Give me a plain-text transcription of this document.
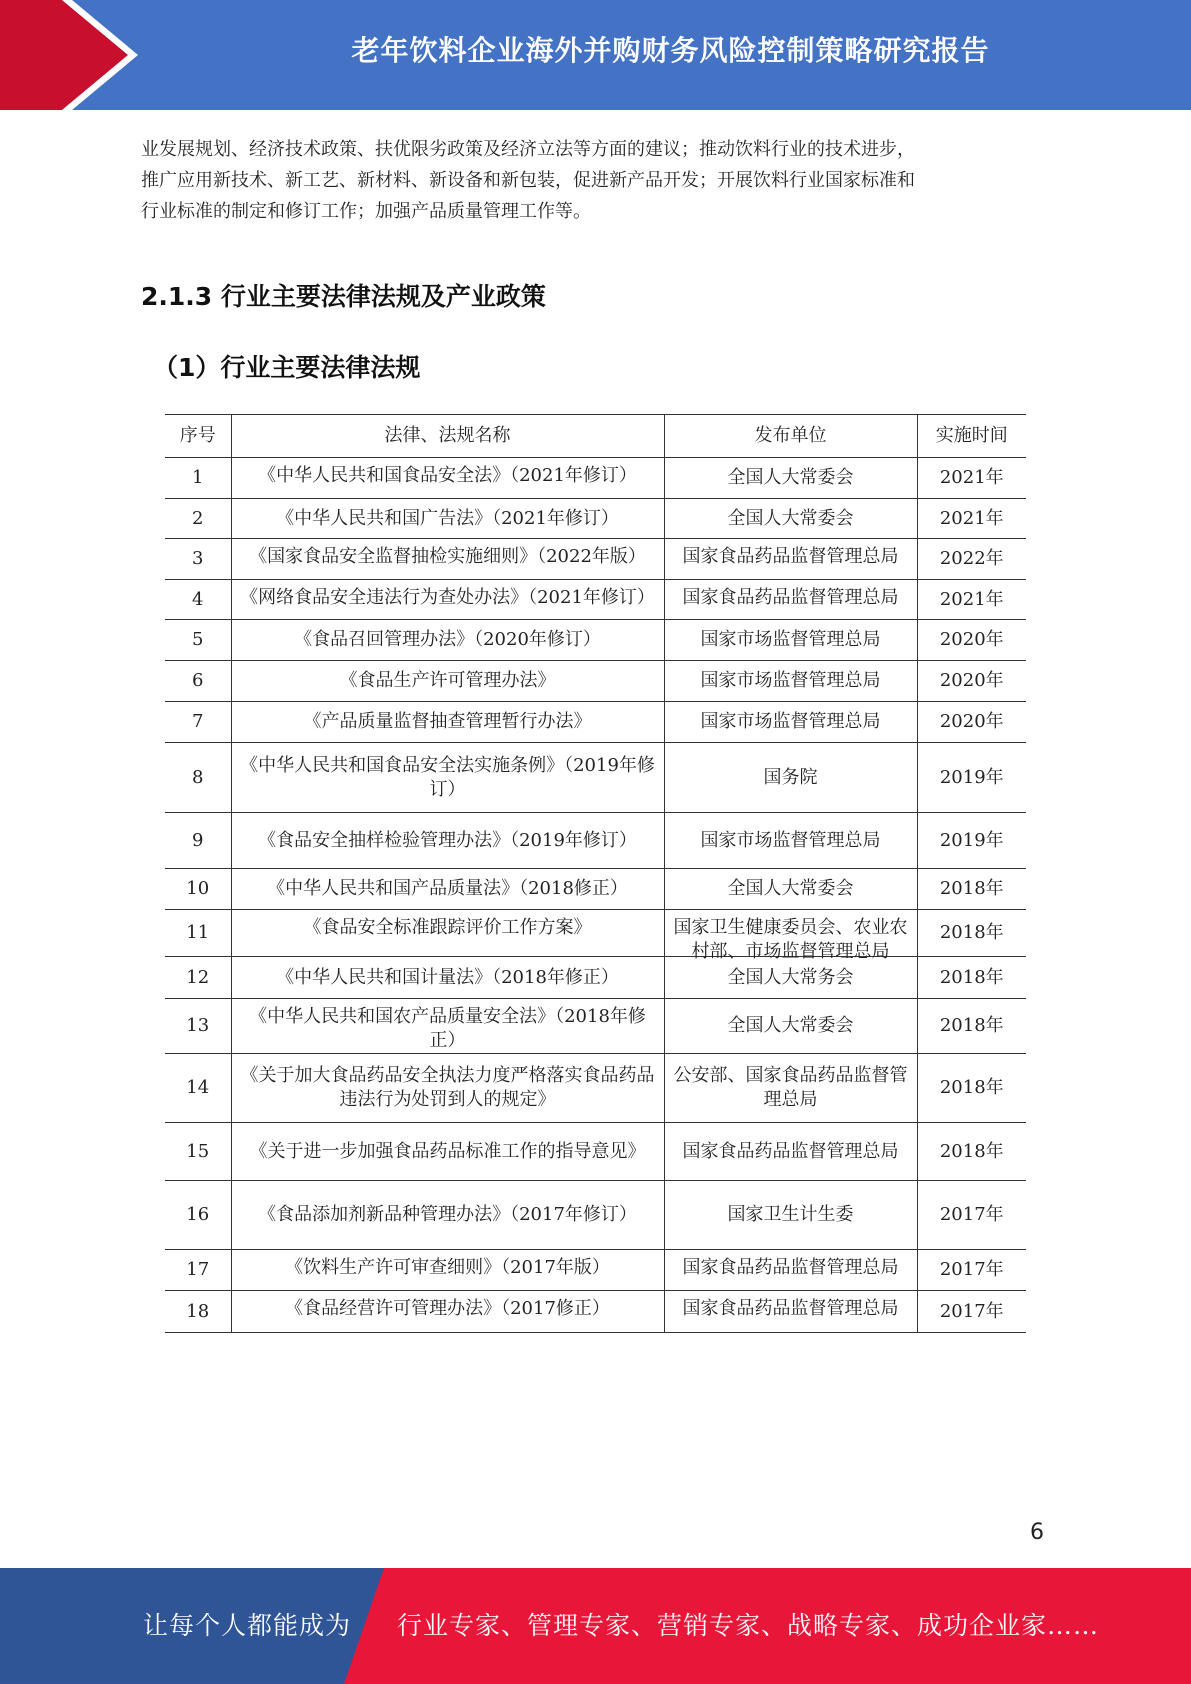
老年饮料企业海外并购财务风险控制策略研究报告

业发展规划、经济技术政策、扶优限劣政策及经济立法等方面的建议；推动饮料行业的技术进步，
推广应用新技术、新工艺、新材料、新设备和新包装，促进新产品开发；开展饮料行业国家标准和
行业标准的制定和修订工作；加强产品质量管理工作等。

2.1.3 行业主要法律法规及产业政策
（1）行业主要法律法规
序号	法律、法规名称	发布单位	实施时间

1	《中华人民共和国食品安全法》（2021年修订）	全国人大常委会	2021年

2	《中华人民共和国广告法》（2021年修订）	全国人大常委会	2021年

3	《国家食品安全监督抽检实施细则》（2022年版）	国家食品药品监督管理总局	2022年

4	《网络食品安全违法行为查处办法》（2021年修订）	国家食品药品监督管理总局	2021年

5	《食品召回管理办法》（2020年修订）	国家市场监督管理总局	2020年

6	《食品生产许可管理办法》	国家市场监督管理总局	2020年

7	《产品质量监督抽查管理暂行办法》	国家市场监督管理总局	2020年

8	《中华人民共和国食品安全法实施条例》（2019年修订）	国务院	2019年

9	《食品安全抽样检验管理办法》（2019年修订）	国家市场监督管理总局	2019年

10	《中华人民共和国产品质量法》（2018修正）	全国人大常委会	2018年

11	《食品安全标准跟踪评价工作方案》	国家卫生健康委员会、农业农村部、市场监督管理总局	2018年

12	《中华人民共和国计量法》（2018年修正）	全国人大常务会	2018年

13	《中华人民共和国农产品质量安全法》（2018年修正）	全国人大常委会	2018年

14	《关于加大食品药品安全执法力度严格落实食品药品违法行为处罚到人的规定》	公安部、国家食品药品监督管理总局	2018年

15	《关于进一步加强食品药品标准工作的指导意见》	国家食品药品监督管理总局	2018年

16	《食品添加剂新品种管理办法》（2017年修订）	国家卫生计生委	2017年

17	《饮料生产许可审查细则》（2017年版）	国家食品药品监督管理总局	2017年

18	《食品经营许可管理办法》（2017修正）	国家食品药品监督管理总局	2017年
6
让每个人都能成为 行业专家、管理专家、营销专家、战略专家、成功企业家……
